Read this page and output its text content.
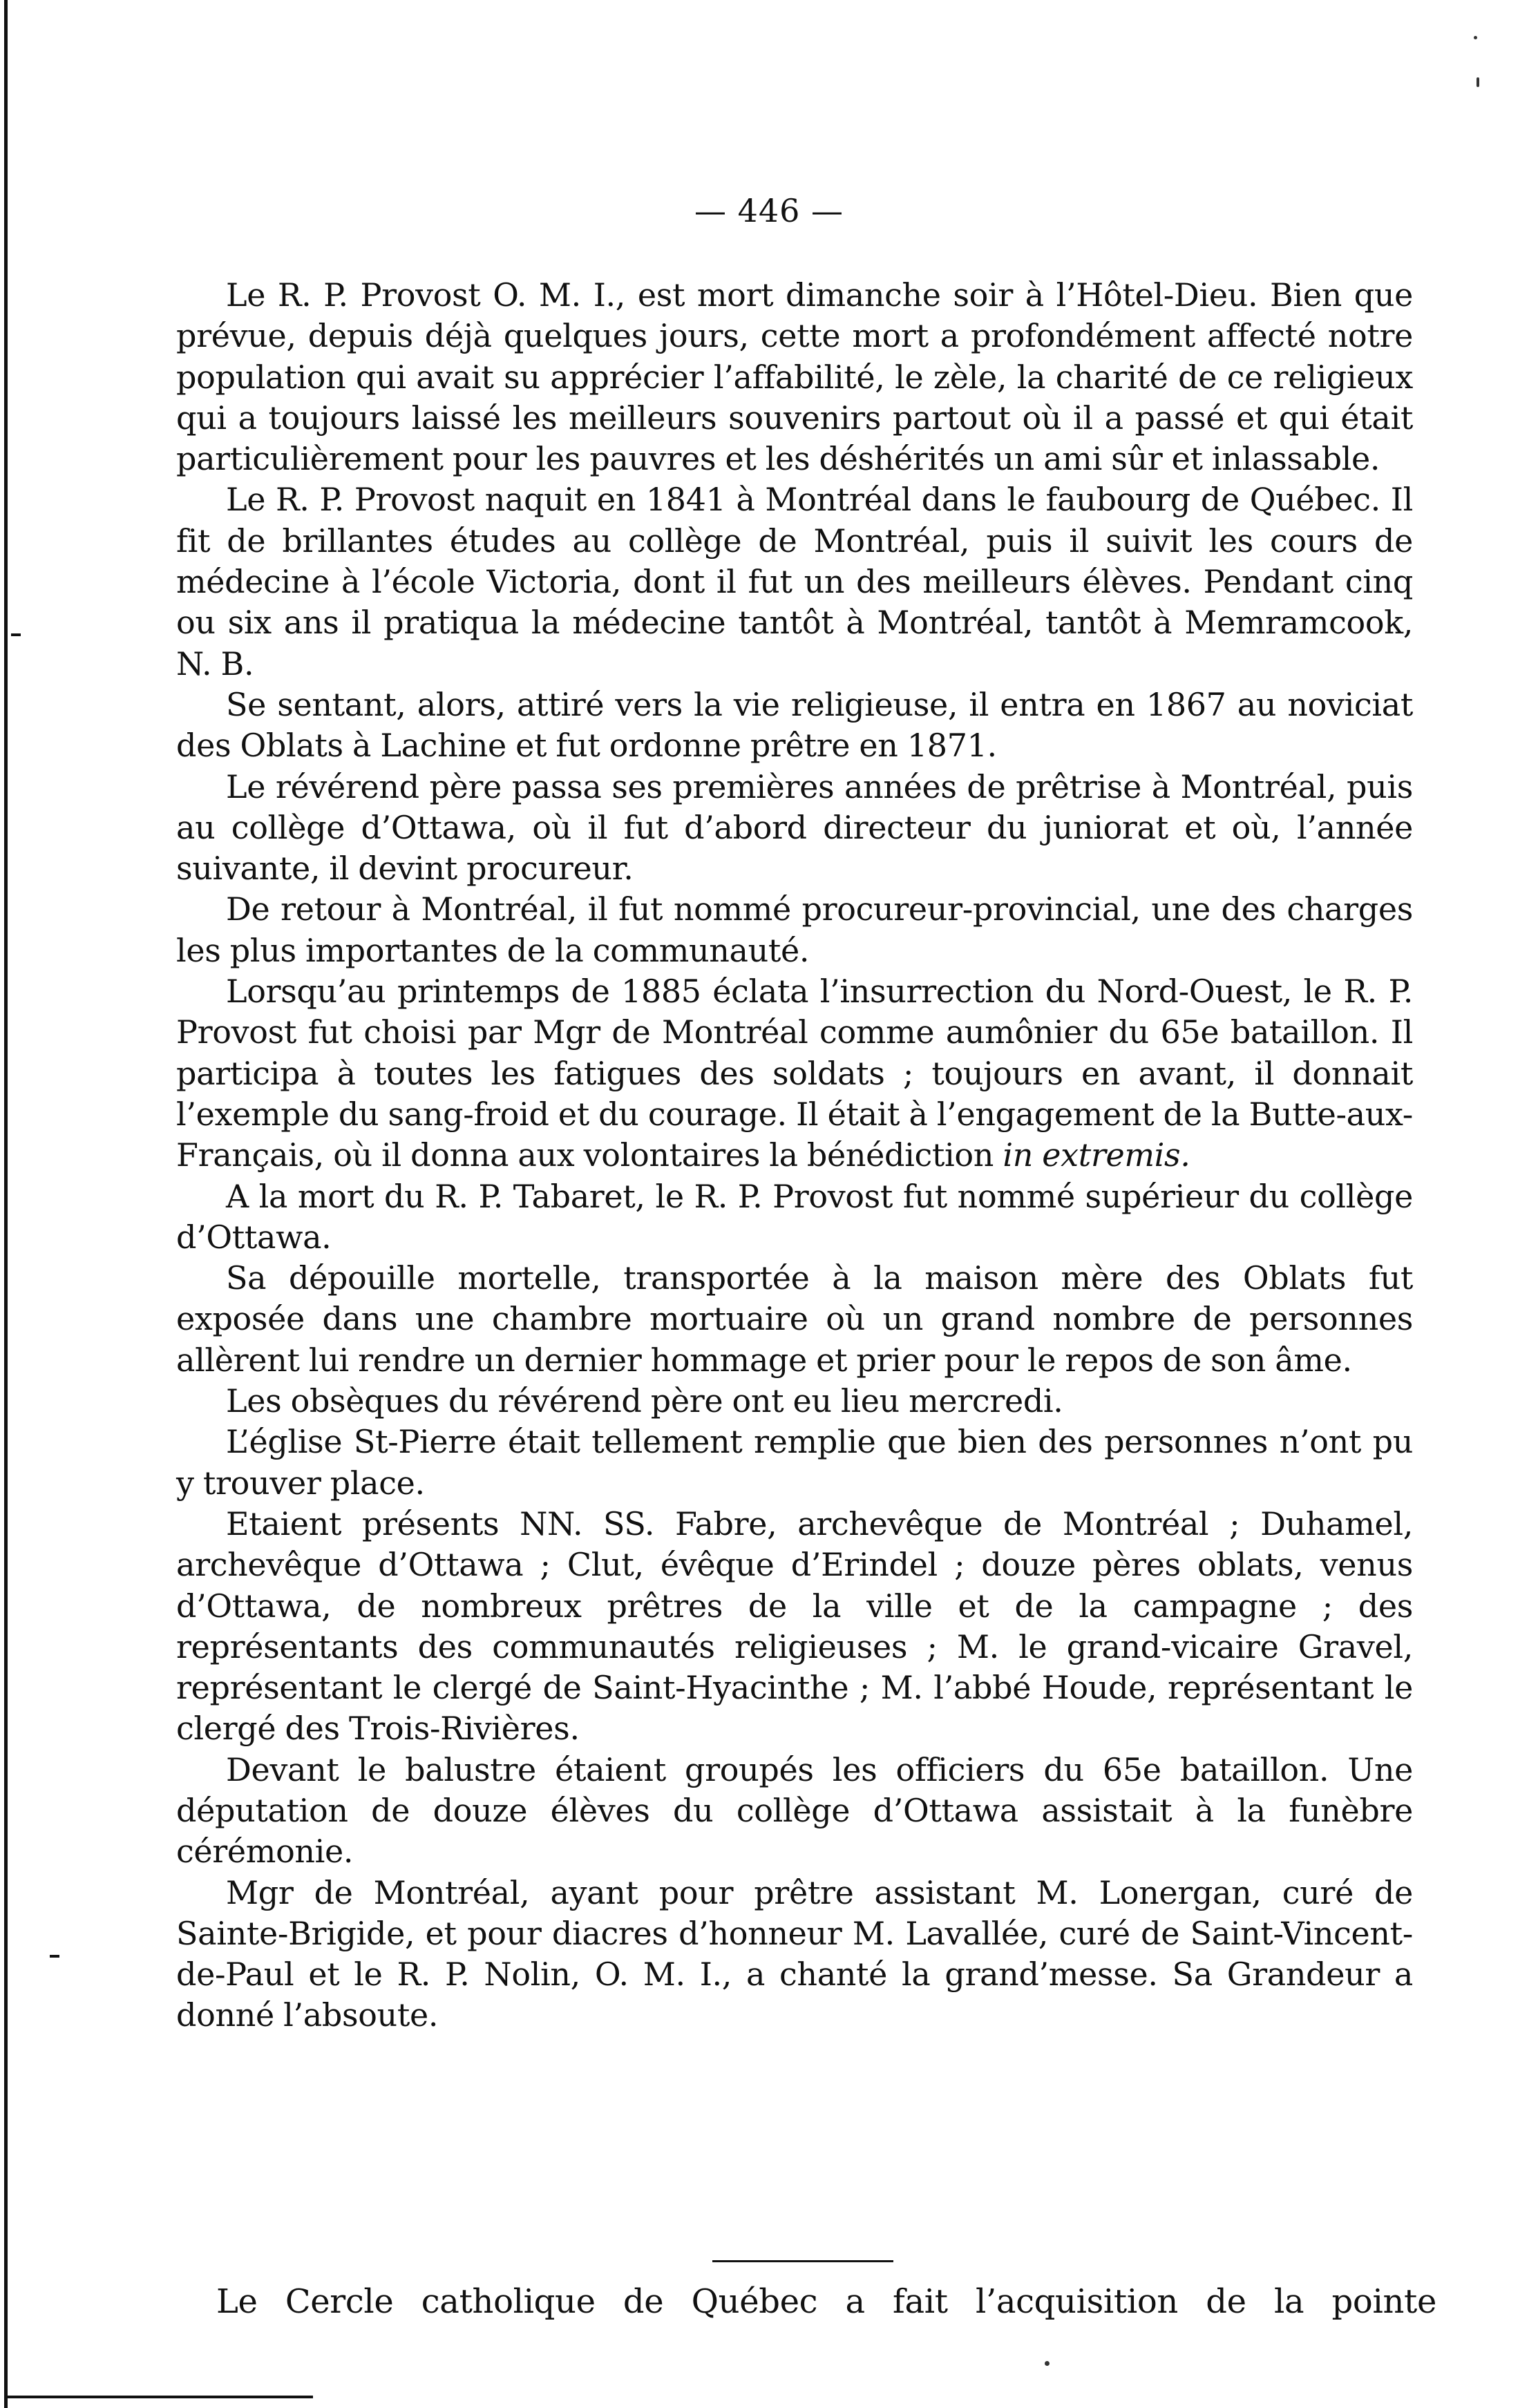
— 446 —

Le R. P. Provost O. M. I., est mort dimanche soir à l’Hôtel-Dieu. Bien que prévue, depuis déjà quelques jours, cette mort a profondément affecté notre population qui avait su apprécier l’affabilité, le zèle, la charité de ce religieux qui a toujours laissé les meilleurs souvenirs partout où il a passé et qui était particulièrement pour les pauvres et les déshérités un ami sûr et inlassable.

Le R. P. Provost naquit en 1841 à Montréal dans le faubourg de Québec. Il fit de brillantes études au collège de Montréal, puis il suivit les cours de médecine à l’école Victoria, dont il fut un des meilleurs élèves. Pendant cinq ou six ans il pratiqua la médecine tantôt à Montréal, tantôt à Memramcook, N. B.

Se sentant, alors, attiré vers la vie religieuse, il entra en 1867 au noviciat des Oblats à Lachine et fut ordonne prêtre en 1871.

Le révérend père passa ses premières années de prêtrise à Montréal, puis au collège d’Ottawa, où il fut d’abord directeur du juniorat et où, l’année suivante, il devint procureur.

De retour à Montréal, il fut nommé procureur-provincial, une des charges les plus importantes de la communauté.

Lorsqu’au printemps de 1885 éclata l’insurrection du Nord-Ouest, le R. P. Provost fut choisi par Mgr de Montréal comme aumônier du 65e bataillon. Il participa à toutes les fatigues des soldats ; toujours en avant, il donnait l’exemple du sang-froid et du courage. Il était à l’engagement de la Butte-aux-Français, où il donna aux volontaires la bénédiction in extremis.

A la mort du R. P. Tabaret, le R. P. Provost fut nommé supérieur du collège d’Ottawa.

Sa dépouille mortelle, transportée à la maison mère des Oblats fut exposée dans une chambre mortuaire où un grand nombre de personnes allèrent lui rendre un dernier hommage et prier pour le repos de son âme.

Les obsèques du révérend père ont eu lieu mercredi.

L’église St-Pierre était tellement remplie que bien des personnes n’ont pu y trouver place.

Etaient présents NN. SS. Fabre, archevêque de Montréal ; Duhamel, archevêque d’Ottawa ; Clut, évêque d’Erindel ; douze pères oblats, venus d’Ottawa, de nombreux prêtres de la ville et de la campagne ; des représentants des communautés religieuses ; M. le grand-vicaire Gravel, représentant le clergé de Saint-Hyacinthe ; M. l’abbé Houde, représentant le clergé des Trois-Rivières.

Devant le balustre étaient groupés les officiers du 65e bataillon. Une députation de douze élèves du collège d’Ottawa assistait à la funèbre cérémonie.

Mgr de Montréal, ayant pour prêtre assistant M. Lonergan, curé de Sainte-Brigide, et pour diacres d’honneur M. Lavallée, curé de Saint-Vincent-de-Paul et le R. P. Nolin, O. M. I., a chanté la grand’messe. Sa Grandeur a donné l’absoute.

Le Cercle catholique de Québec a fait l’acquisition de la pointe
